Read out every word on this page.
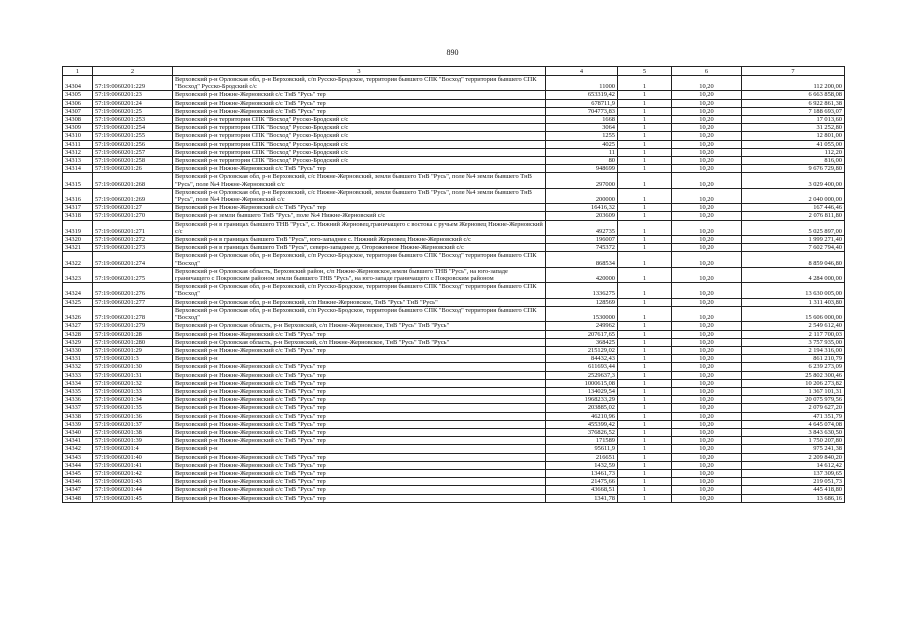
890
1	2	3	4	5	6	7
34304	57:19:0060201:229	Верховский р-н Орловская обл, р-н Верховский, с/п Русско-Бродское, территория бывшего СПК "Восход" территория бывшего СПК "Восход" Русско-Бродский с/с	11000	1	10,20	112 200,00
34305	57:19:0060201:23	Верховский р-н Нижне-Жерновский с/с ТнВ "Русь" тер	653319,42	1	10,20	6 663 858,08
34306	57:19:0060201:24	Верховский р-н Нижне-Жерновский с/с ТнВ "Русь" тер	678711,9	1	10,20	6 922 861,38
34307	57:19:0060201:25	Верховский р-н Нижне-Жерновский с/с ТнВ "Русь" тер	704773,83	1	10,20	7 188 693,07
34308	57:19:0060201:253	Верховский р-н территория СПК "Восход" Русско-Бродский с/с	1668	1	10,20	17 013,60
34309	57:19:0060201:254	Верховский р-н территория СПК "Восход" Русско-Бродский с/с	3064	1	10,20	31 252,80
34310	57:19:0060201:255	Верховский р-н территория СПК "Восход" Русско-Бродский с/с	1255	1	10,20	12 801,00
34311	57:19:0060201:256	Верховский р-н территория СПК "Восход" Русско-Бродский с/с	4025	1	10,20	41 055,00
34312	57:19:0060201:257	Верховский р-н территория СПК "Восход" Русско-Бродский с/с	11	1	10,20	112,20
34313	57:19:0060201:258	Верховский р-н территория СПК "Восход" Русско-Бродский с/с	80	1	10,20	816,00
34314	57:19:0060201:26	Верховский р-н Нижне-Жерновский с/с ТнВ "Русь" тер	948699	1	10,20	9 676 729,80
34315	57:19:0060201:268	Верховский р-н Орловская обл, р-н Верховский, с/с Нижне-Жерновский, земли бывшего ТнВ "Русь", поле №4 земли бывшего ТнВ "Русь", поле №4 Нижне-Жерновский с/с	297000	1	10,20	3 029 400,00
34316	57:19:0060201:269	Верховский р-н Орловская обл, р-н Верховский, с/с Нижне-Жерновский, земли бывшего ТнВ "Русь", поле №4 земли бывшего ТнВ "Русь", поле №4 Нижне-Жерновский с/с	200000	1	10,20	2 040 000,00
34317	57:19:0060201:27	Верховский р-н Нижне-Жерновский с/с ТнВ "Русь" тер	16416,32	1	10,20	167 446,46
34318	57:19:0060201:270	Верховский р-н земли бывшего ТнВ "Русь", поле №4 Нижне-Жерновский с/с	203609	1	10,20	2 076 811,80
34319	57:19:0060201:271	Верховский р-н в границах бывшего ТНВ "Русь", с. Нижний Жерновец,граничащего с востока с ручьем Жерновец Нижне-Жерновский с/с	492735	1	10,20	5 025 897,00
34320	57:19:0060201:272	Верховский р-н в границах бывшего ТнВ "Русь", юго-западнее с. Нижний Жерновец Нижне-Жерновский с/с	196007	1	10,20	1 999 271,40
34321	57:19:0060201:273	Верховский р-н в границах бывшего ТнВ "Русь", северо-западнее д. Огороженное Нижне-Жерновский с/с	745372	1	10,20	7 602 794,40
34322	57:19:0060201:274	Верховский р-н Орловская обл, р-н Верховский, с/п Русско-Бродское, территория бывшего СПК "Восход" территория бывшего СПК "Восход"	868534	1	10,20	8 859 046,80
34323	57:19:0060201:275	Верховский р-н Орловская область, Верховский район, с/п Нижне-Жерновское,земли бывшего ТНВ "Русь", на юго-западе граничащего с Покровским районом земли бывшего ТНВ "Русь", на юго-западе граничащего с Покровским районом	420000	1	10,20	4 284 000,00
34324	57:19:0060201:276	Верховский р-н Орловская обл, р-н Верховский, с/п Русско-Бродское, территория бывшего СПК "Восход" территория бывшего СПК "Восход"	1336275	1	10,20	13 630 005,00
34325	57:19:0060201:277	Верховский р-н Орловская обл, р-н Верховский, с/п Нижне-Жерновское, ТнВ "Русь" ТнВ "Русь"	128569	1	10,20	1 311 403,80
34326	57:19:0060201:278	Верховский р-н Орловская обл, р-н Верховский, с/п Русско-Бродское, территория бывшего СПК "Восход" территория бывшего СПК "Восход"	1530000	1	10,20	15 606 000,00
34327	57:19:0060201:279	Верховский р-н Орловская область, р-н Верховский, с/п Нижне-Жерновское, ТнВ "Русь" ТнВ "Русь"	249962	1	10,20	2 549 612,40
34328	57:19:0060201:28	Верховский р-н Нижне-Жерновский с/с ТнВ "Русь" тер	207617,65	1	10,20	2 117 700,03
34329	57:19:0060201:280	Верховский р-н Орловская область, р-н Верховский, с/п Нижне-Жерновское, ТнВ "Русь" ТнВ "Русь"	368425	1	10,20	3 757 935,00
34330	57:19:0060201:29	Верховский р-н Нижне-Жерновский с/с ТнВ "Русь" тер	215129,02	1	10,20	2 194 316,00
34331	57:19:0060201:3	Верховский р-н	84432,43	1	10,20	861 210,79
34332	57:19:0060201:30	Верховский р-н Нижне-Жерновский с/с ТнВ "Русь" тер	611693,44	1	10,20	6 239 273,09
34333	57:19:0060201:31	Верховский р-н Нижне-Жерновский с/с ТнВ "Русь" тер	2529637,3	1	10,20	25 802 300,46
34334	57:19:0060201:32	Верховский р-н Нижне-Жерновский с/с ТнВ "Русь" тер	1000615,08	1	10,20	10 206 273,82
34335	57:19:0060201:33	Верховский р-н Нижне-Жерновский с/с ТнВ "Русь" тер	134029,54	1	10,20	1 367 101,31
34336	57:19:0060201:34	Верховский р-н Нижне-Жерновский с/с ТнВ "Русь" тер	1968233,29	1	10,20	20 075 979,56
34337	57:19:0060201:35	Верховский р-н Нижне-Жерновский с/с ТнВ "Русь" тер	203885,02	1	10,20	2 079 627,20
34338	57:19:0060201:36	Верховский р-н Нижне-Жерновский с/с ТнВ "Русь" тер	46210,96	1	10,20	471 351,79
34339	57:19:0060201:37	Верховский р-н Нижне-Жерновский с/с ТнВ "Русь" тер	455399,42	1	10,20	4 645 074,08
34340	57:19:0060201:38	Верховский р-н Нижне-Жерновский с/с ТнВ "Русь" тер	376826,52	1	10,20	3 843 630,50
34341	57:19:0060201:39	Верховский р-н Нижне-Жерновский с/с ТнВ "Русь" тер	171589	1	10,20	1 750 207,80
34342	57:19:0060201:4	Верховский р-н	95611,9	1	10,20	975 241,38
34343	57:19:0060201:40	Верховский р-н Нижне-Жерновский с/с ТнВ "Русь" тер	216651	1	10,20	2 209 840,20
34344	57:19:0060201:41	Верховский р-н Нижне-Жерновский с/с ТнВ "Русь" тер	1432,59	1	10,20	14 612,42
34345	57:19:0060201:42	Верховский р-н Нижне-Жерновский с/с ТнВ "Русь" тер	13461,73	1	10,20	137 309,65
34346	57:19:0060201:43	Верховский р-н Нижне-Жерновский с/с ТнВ "Русь" тер	21475,66	1	10,20	219 051,73
34347	57:19:0060201:44	Верховский р-н Нижне-Жерновский с/с ТнВ "Русь" тер	43668,51	1	10,20	445 418,80
34348	57:19:0060201:45	Верховский р-н Нижне-Жерновский с/с ТнВ "Русь" тер	1341,78	1	10,20	13 686,16
